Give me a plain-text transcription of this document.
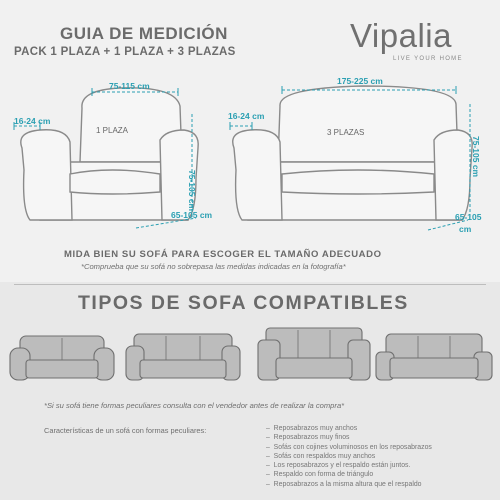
GUIA DE MEDICIÓN
PACK 1 PLAZA + 1 PLAZA + 3 PLAZAS	Vipalia
LIVE YOUR HOME
75-115 cm
16-24 cm
1 PLAZA
75-105 cm
65-105 cm
175-225 cm
16-24 cm
3 PLAZAS
75-105 cm
65-105
cm
MIDA BIEN SU SOFÁ PARA ESCOGER EL TAMAÑO ADECUADO
*Comprueba que su sofá no sobrepasa las medidas indicadas en la fotografía*
TIPOS DE SOFA COMPATIBLES
*Si su sofá tiene formas peculiares consulta con el vendedor antes de realizar la compra*
Características de un sofá con formas peculiares:	–  Reposabrazos muy anchos
–  Reposabrazos muy finos
–  Sofás con cojines voluminosos en los reposabrazos
–  Sofás con respaldos muy anchos
–  Los reposabrazos y el respaldo están juntos.
–  Respaldo con forma de triángulo
–  Reposabrazos a la misma altura que el respaldo
